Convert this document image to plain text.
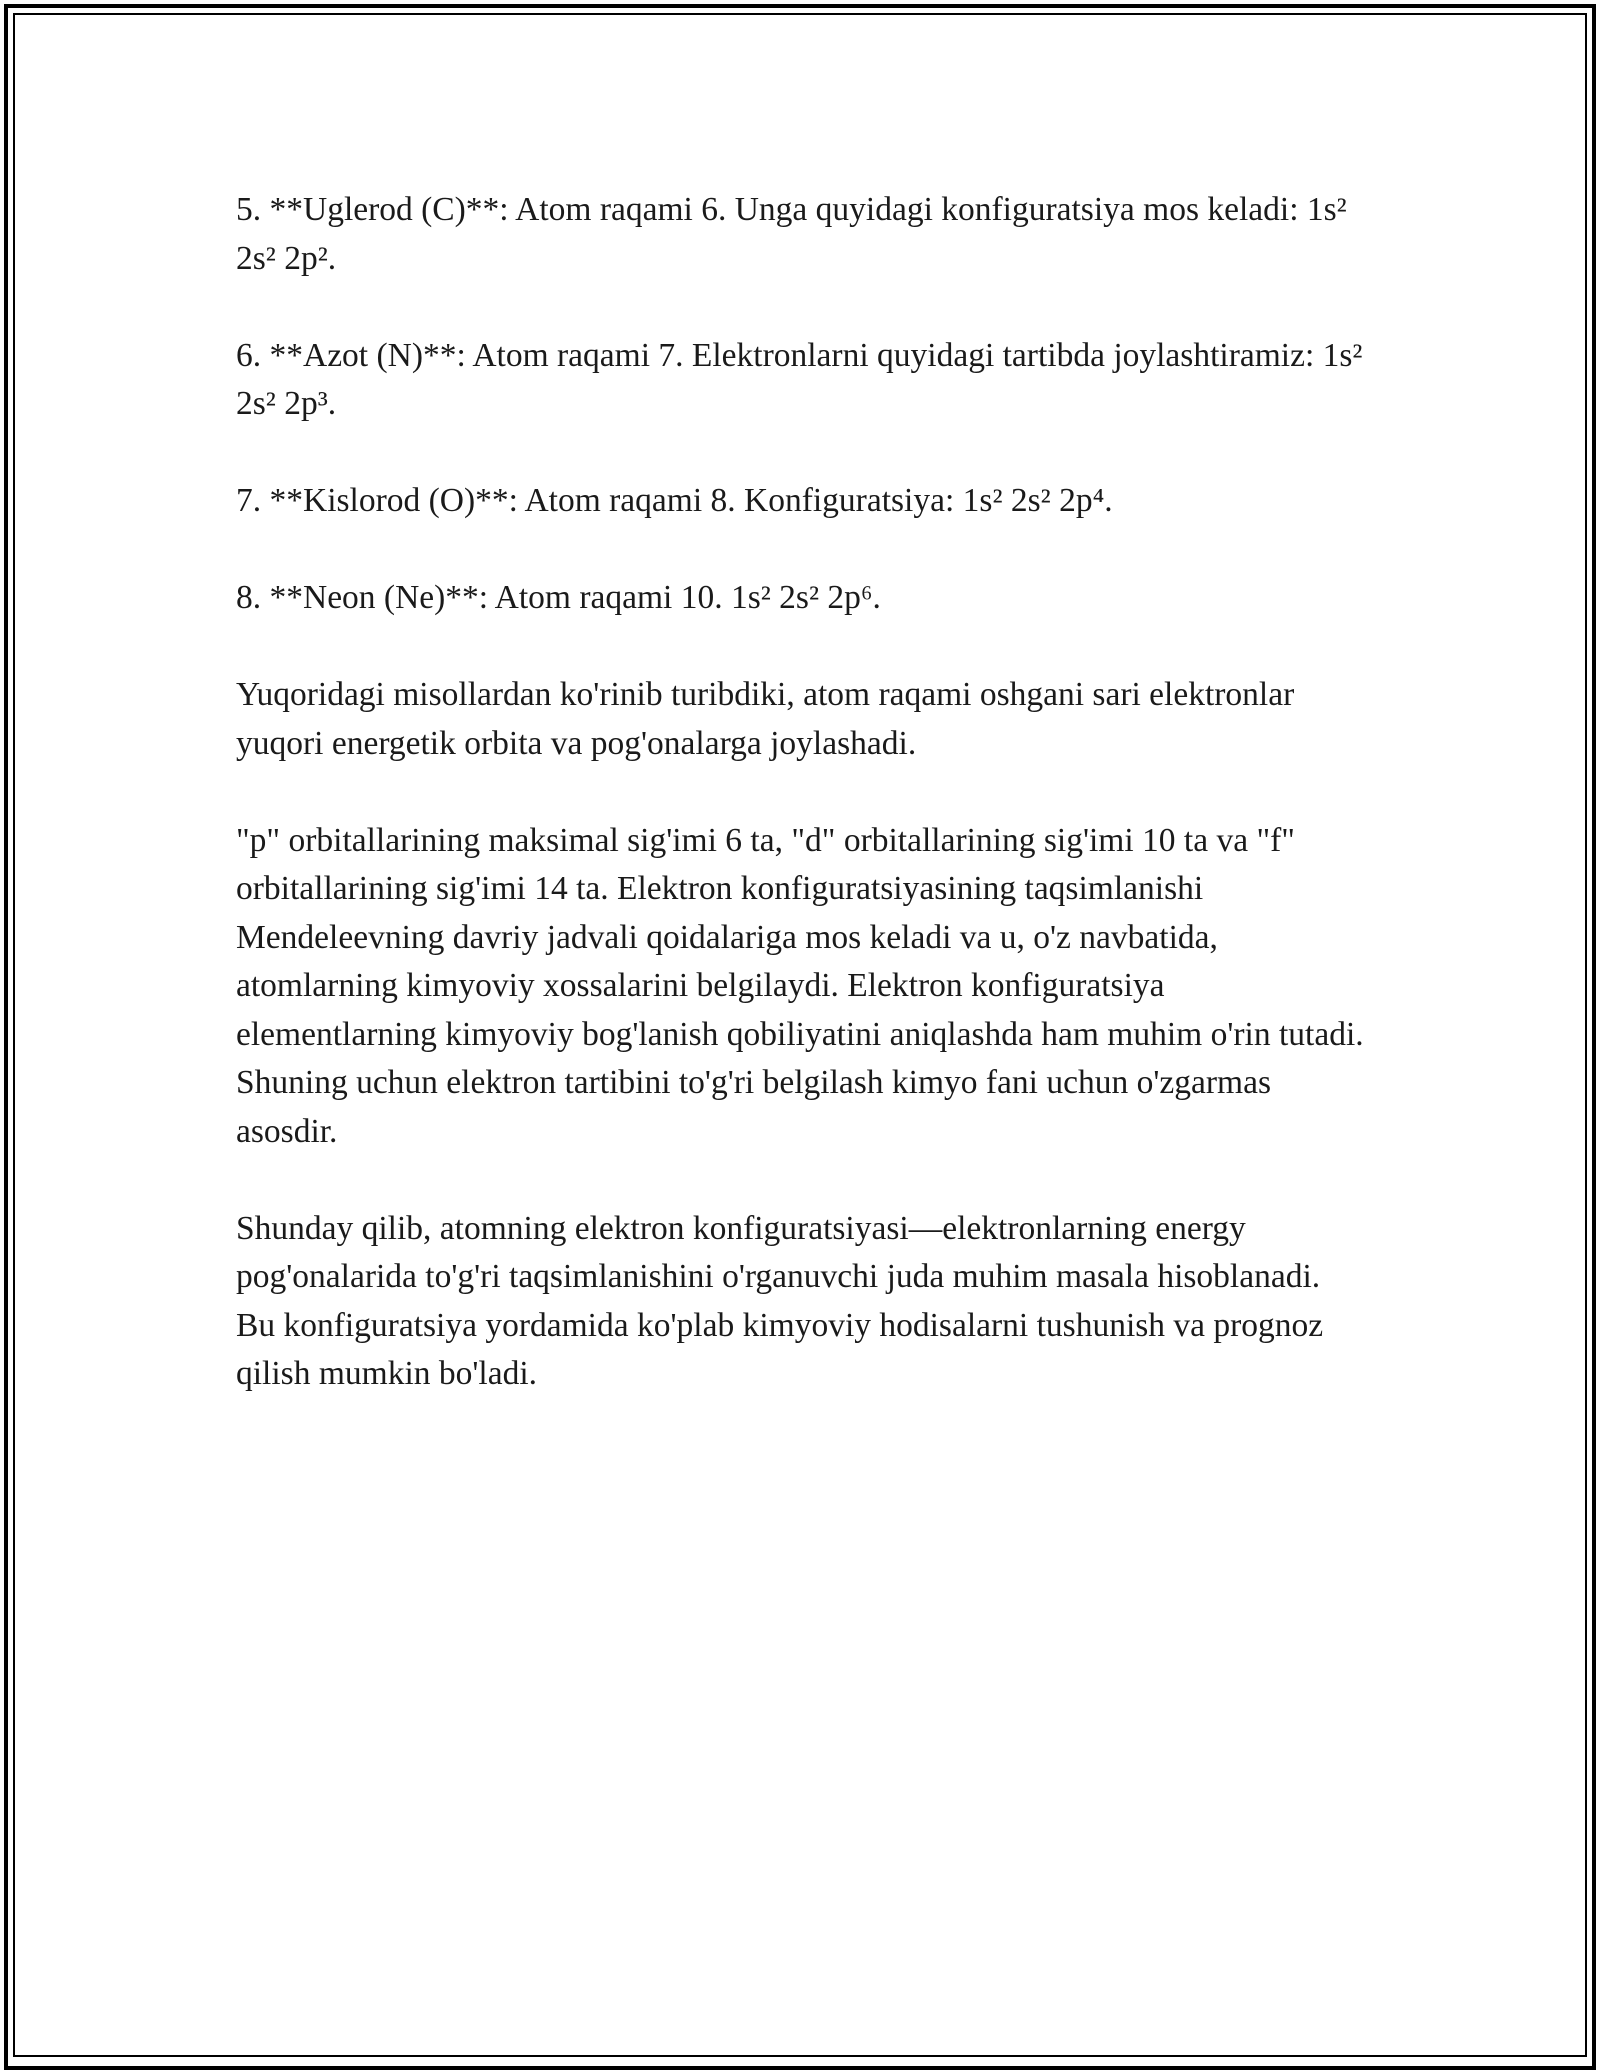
5. **Uglerod (C)**: Atom raqami 6. Unga quyidagi konfiguratsiya mos keladi: 1s² 2s² 2p².

6. **Azot (N)**: Atom raqami 7. Elektronlarni quyidagi tartibda joylashtiramiz: 1s² 2s² 2p³.

7. **Kislorod (O)**: Atom raqami 8. Konfiguratsiya: 1s² 2s² 2p⁴.

8. **Neon (Ne)**: Atom raqami 10. 1s² 2s² 2p⁶.

Yuqoridagi misollardan ko'rinib turibdiki, atom raqami oshgani sari elektronlar yuqori energetik orbita va pog'onalarga joylashadi.

"p" orbitallarining maksimal sig'imi 6 ta, "d" orbitallarining sig'imi 10 ta va "f" orbitallarining sig'imi 14 ta. Elektron konfiguratsiyasining taqsimlanishi Mendeleevning davriy jadvali qoidalariga mos keladi va u, o'z navbatida, atomlarning kimyoviy xossalarini belgilaydi. Elektron konfiguratsiya elementlarning kimyoviy bog'lanish qobiliyatini aniqlashda ham muhim o'rin tutadi. Shuning uchun elektron tartibini to'g'ri belgilash kimyo fani uchun o'zgarmas asosdir.

Shunday qilib, atomning elektron konfiguratsiyasi—elektronlarning energy pog'onalarida to'g'ri taqsimlanishini o'rganuvchi juda muhim masala hisoblanadi. Bu konfiguratsiya yordamida ko'plab kimyoviy hodisalarni tushunish va prognoz qilish mumkin bo'ladi.
